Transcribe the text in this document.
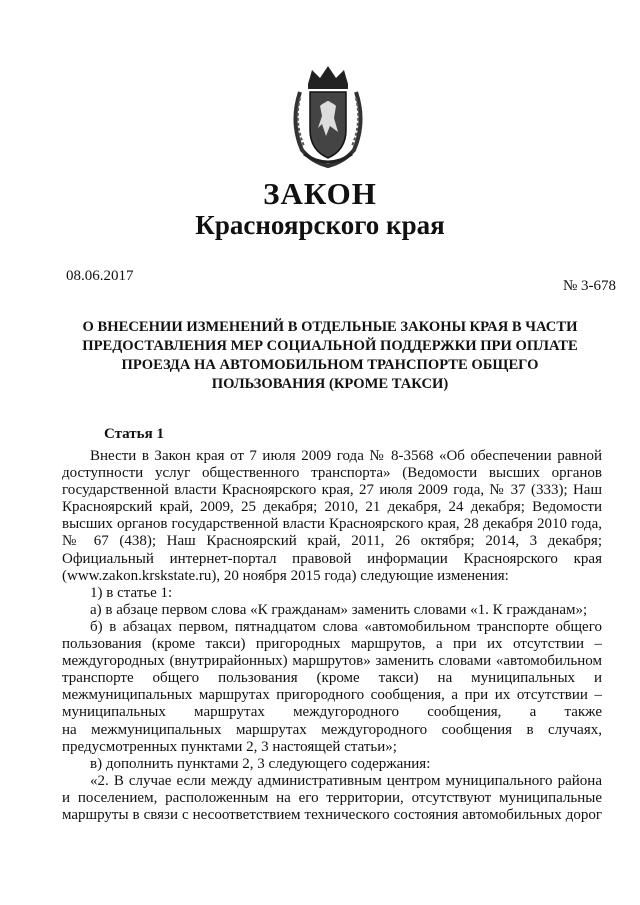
ЗАКОН
Красноярского края
08.06.2017
№ 3-678
О ВНЕСЕНИИ ИЗМЕНЕНИЙ В ОТДЕЛЬНЫЕ ЗАКОНЫ КРАЯ В ЧАСТИ
ПРЕДОСТАВЛЕНИЯ МЕР СОЦИАЛЬНОЙ ПОДДЕРЖКИ ПРИ ОПЛАТЕ
ПРОЕЗДА НА АВТОМОБИЛЬНОМ ТРАНСПОРТЕ ОБЩЕГО
ПОЛЬЗОВАНИЯ (КРОМЕ ТАКСИ)
Статья 1
Внести в Закон края от 7 июля 2009 года № 8-3568 «Об обеспечении равной
доступности услуг общественного транспорта» (Ведомости высших органов
государственной власти Красноярского края, 27 июля 2009 года, № 37 (333); Наш
Красноярский край, 2009, 25 декабря; 2010, 21 декабря, 24 декабря; Ведомости
высших органов государственной власти Красноярского края, 28 декабря 2010 года,
№ 67 (438); Наш Красноярский край, 2011, 26 октября; 2014, 3 декабря;
Официальный интернет-портал правовой информации Красноярского края
(www.zakon.krskstate.ru), 20 ноября 2015 года) следующие изменения:
1) в статье 1:
а) в абзаце первом слова «К гражданам» заменить словами «1. К гражданам»;
б) в абзацах первом, пятнадцатом слова «автомобильном транспорте общего
пользования (кроме такси) пригородных маршрутов, а при их отсутствии –
междугородных (внутрирайонных) маршрутов» заменить словами «автомобильном
транспорте общего пользования (кроме такси) на муниципальных и
межмуниципальных маршрутах пригородного сообщения, а при их отсутствии –
муниципальных маршрутах междугородного сообщения, а также
на межмуниципальных маршрутах междугородного сообщения в случаях,
предусмотренных пунктами 2, 3 настоящей статьи»;
в) дополнить пунктами 2, 3 следующего содержания:
«2. В случае если между административным центром муниципального района
и поселением, расположенным на его территории, отсутствуют муниципальные
маршруты в связи с несоответствием технического состояния автомобильных дорог
